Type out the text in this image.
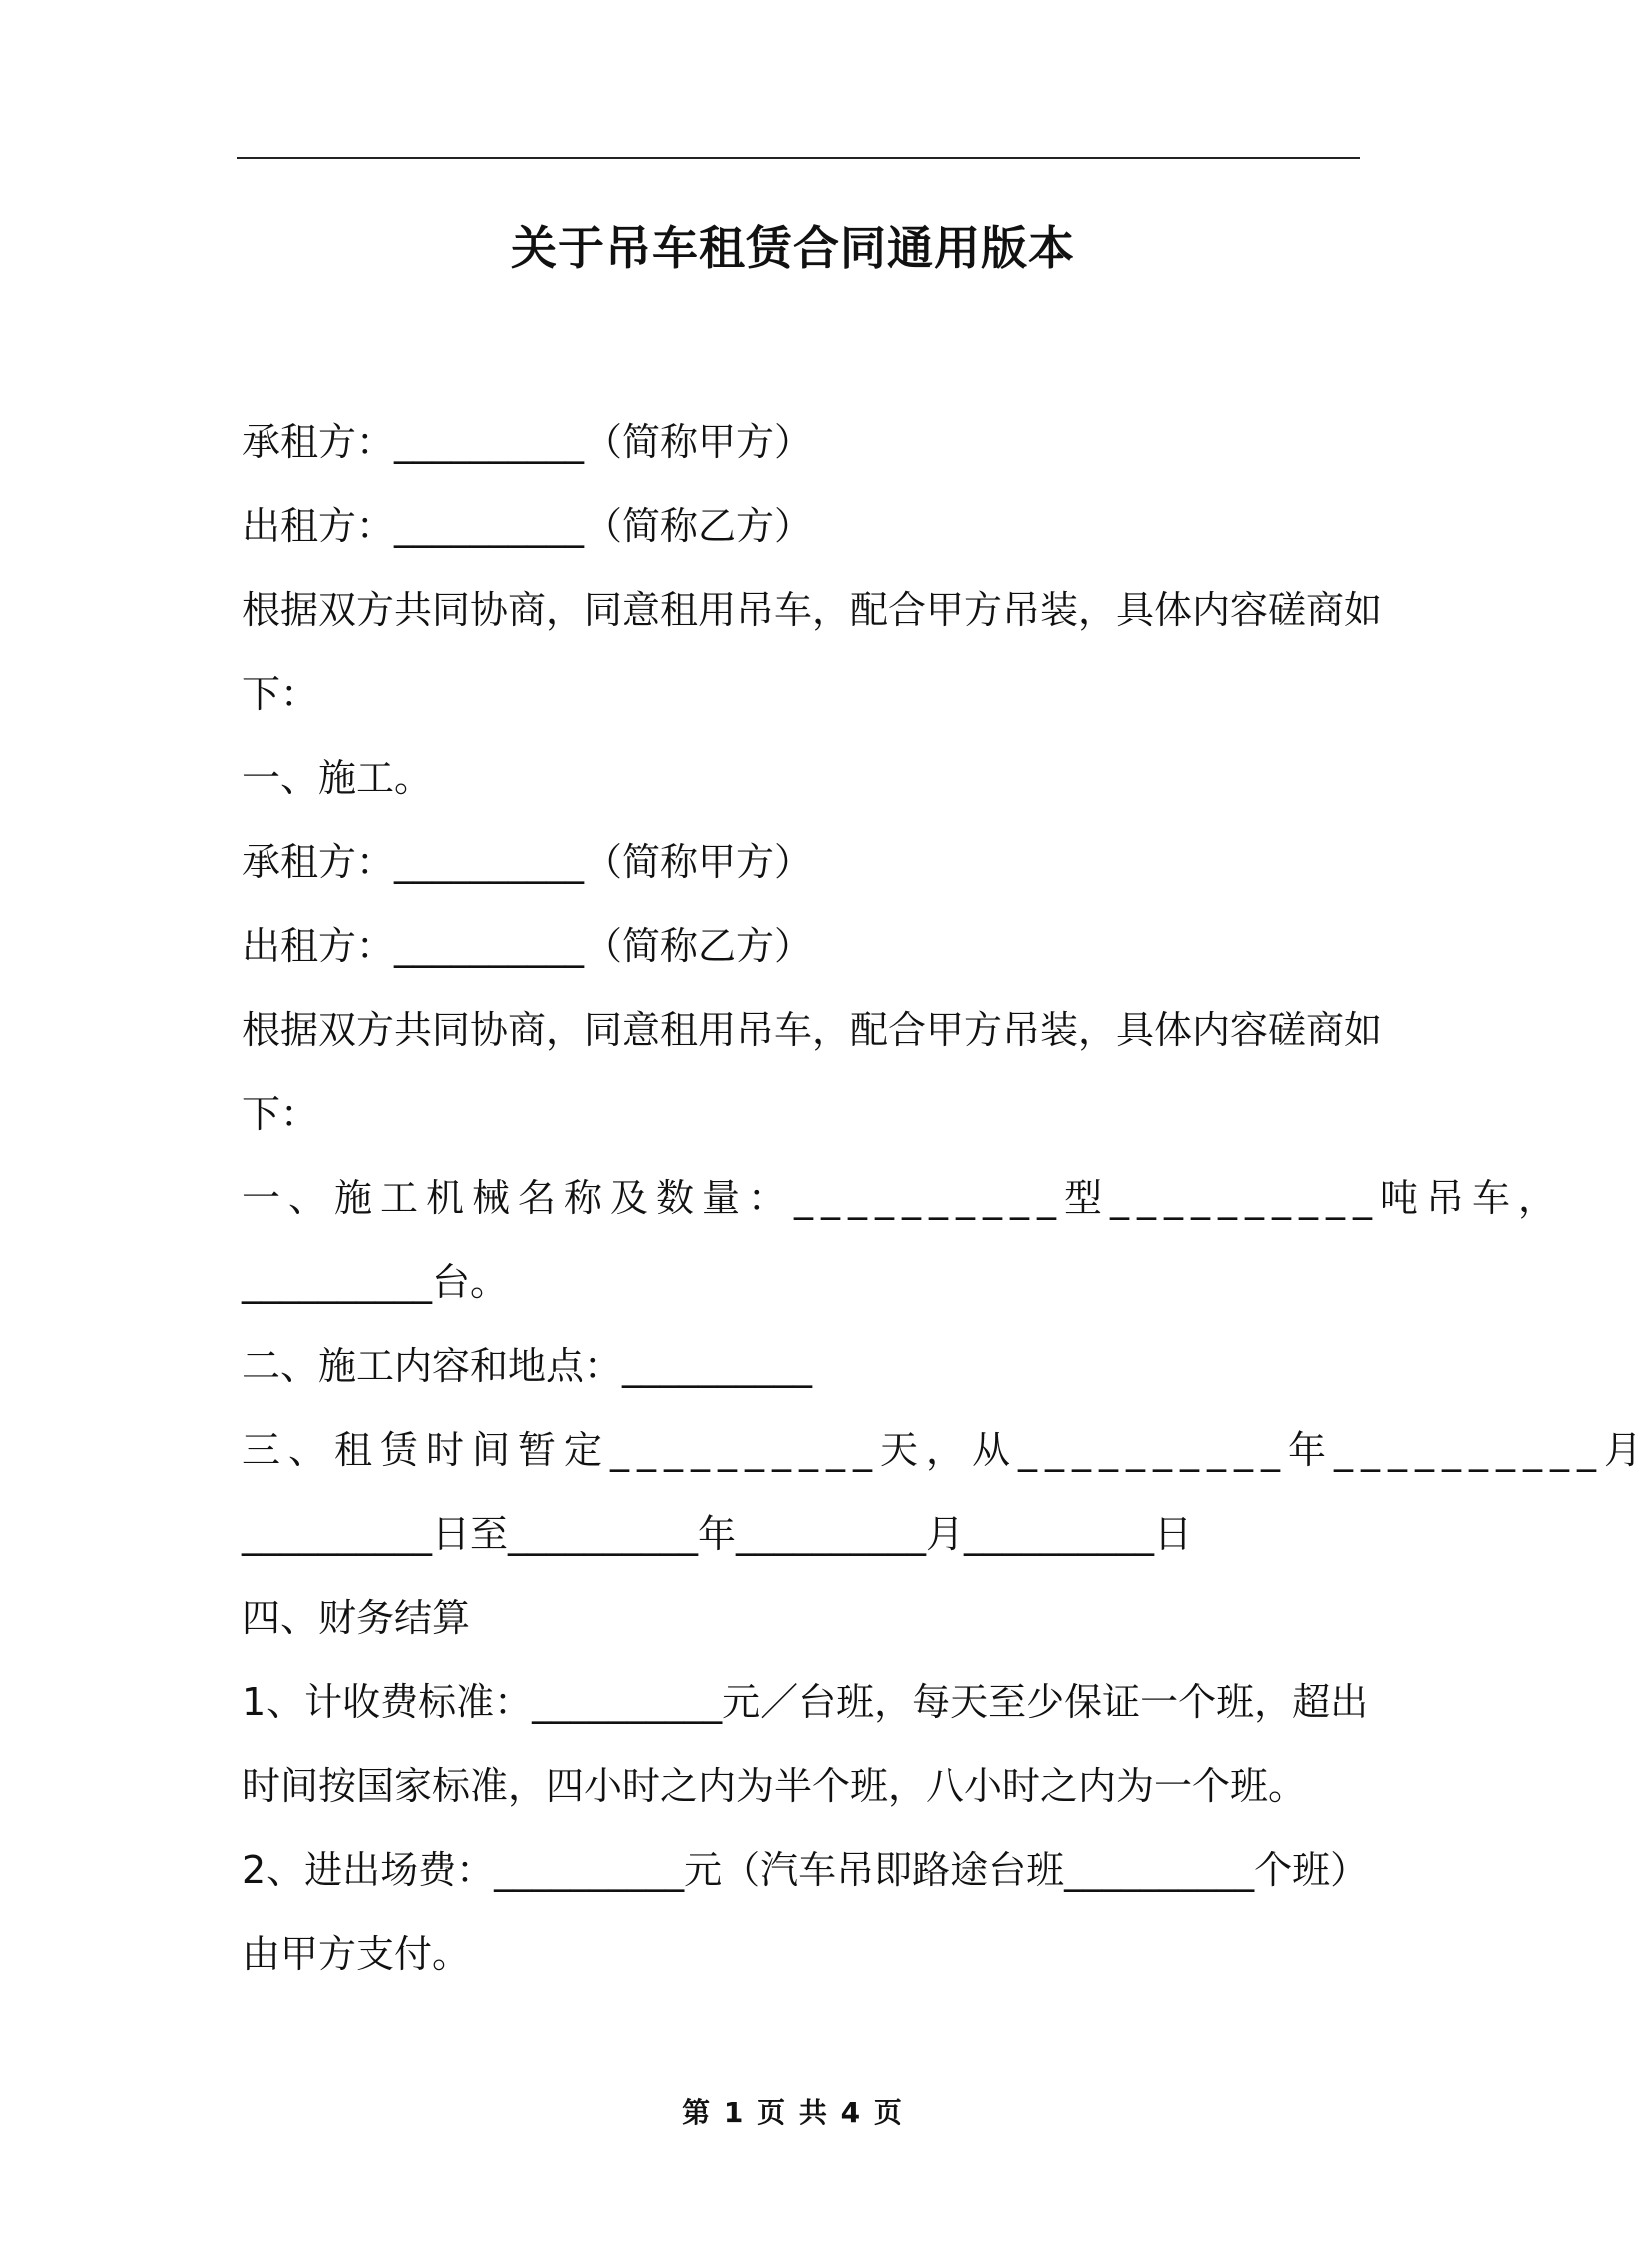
关于吊车租赁合同通用版本
承租方：__________（简称甲方）
出租方：__________（简称乙方）
根据双方共同协商，同意租用吊车，配合甲方吊装，具体内容磋商如
下：
一、施工。
承租方：__________（简称甲方）
出租方：__________（简称乙方）
根据双方共同协商，同意租用吊车，配合甲方吊装，具体内容磋商如
下：
一、施工机械名称及数量：__________型__________吨吊车，
__________台。
二、施工内容和地点：__________
三、租赁时间暂定__________天，从__________年__________月
__________日至__________年__________月__________日
四、财务结算
1、计收费标准：__________元／台班，每天至少保证一个班，超出
时间按国家标准，四小时之内为半个班，八小时之内为一个班。
2、进出场费：__________元（汽车吊即路途台班__________个班）
由甲方支付。
第 1 页 共 4 页
